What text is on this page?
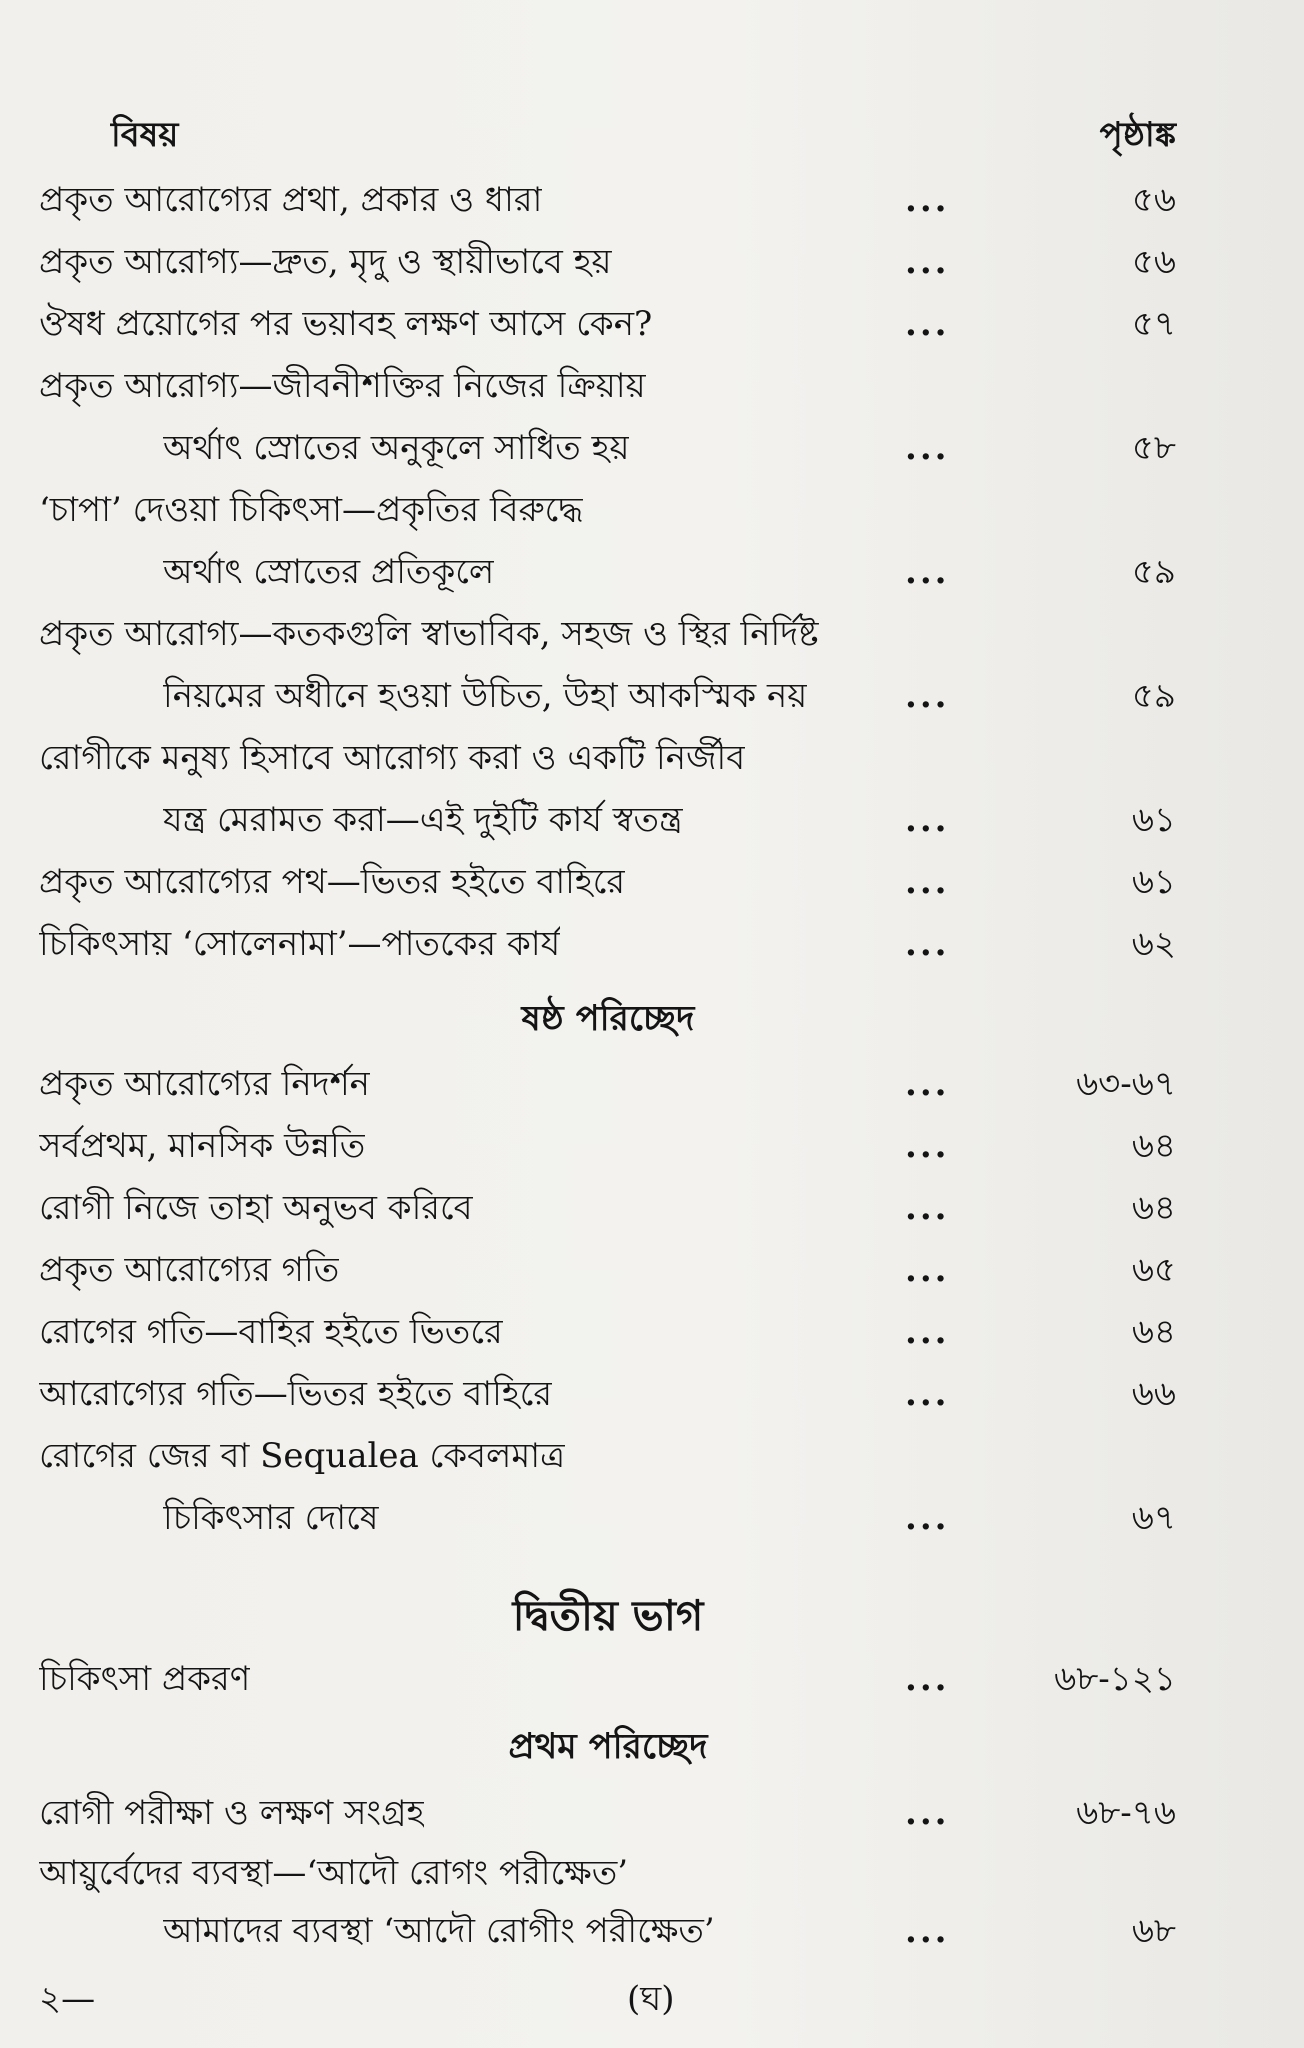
বিষয়	পৃষ্ঠাঙ্ক
প্রকৃত আরোগ্যের প্রথা, প্রকার ও ধারা	...	৫৬
প্রকৃত আরোগ্য—দ্রুত, মৃদু ও স্থায়ীভাবে হয়	...	৫৬
ঔষধ প্রয়োগের পর ভয়াবহ লক্ষণ আসে কেন?	...	৫৭
প্রকৃত আরোগ্য—জীবনীশক্তির নিজের ক্রিয়ায়
অর্থাৎ স্রোতের অনুকূলে সাধিত হয়	...	৫৮
‘চাপা’ দেওয়া চিকিৎসা—প্রকৃতির বিরুদ্ধে
অর্থাৎ স্রোতের প্রতিকূলে	...	৫৯
প্রকৃত আরোগ্য—কতকগুলি স্বাভাবিক, সহজ ও স্থির নির্দিষ্ট
নিয়মের অধীনে হওয়া উচিত, উহা আকস্মিক নয়	...	৫৯
রোগীকে মনুষ্য হিসাবে আরোগ্য করা ও একটি নির্জীব
যন্ত্র মেরামত করা—এই দুইটি কার্য স্বতন্ত্র	...	৬১
প্রকৃত আরোগ্যের পথ—ভিতর হইতে বাহিরে	...	৬১
চিকিৎসায় ‘সোলেনামা’—পাতকের কার্য	...	৬২
ষষ্ঠ পরিচ্ছেদ
প্রকৃত আরোগ্যের নিদর্শন	...	৬৩-৬৭
সর্বপ্রথম, মানসিক উন্নতি	...	৬৪
রোগী নিজে তাহা অনুভব করিবে	...	৬৪
প্রকৃত আরোগ্যের গতি	...	৬৫
রোগের গতি—বাহির হইতে ভিতরে	...	৬৪
আরোগ্যের গতি—ভিতর হইতে বাহিরে	...	৬৬
রোগের জের বা Sequalea কেবলমাত্র
চিকিৎসার দোষে	...	৬৭
দ্বিতীয় ভাগ
চিকিৎসা প্রকরণ	...	৬৮-১২১
প্রথম পরিচ্ছেদ
রোগী পরীক্ষা ও লক্ষণ সংগ্রহ	...	৬৮-৭৬
আয়ুর্বেদের ব্যবস্থা—‘আদৌ রোগং পরীক্ষেত’
আমাদের ব্যবস্থা ‘আদৌ রোগীং পরীক্ষেত’	...	৬৮
২—	(ঘ)
